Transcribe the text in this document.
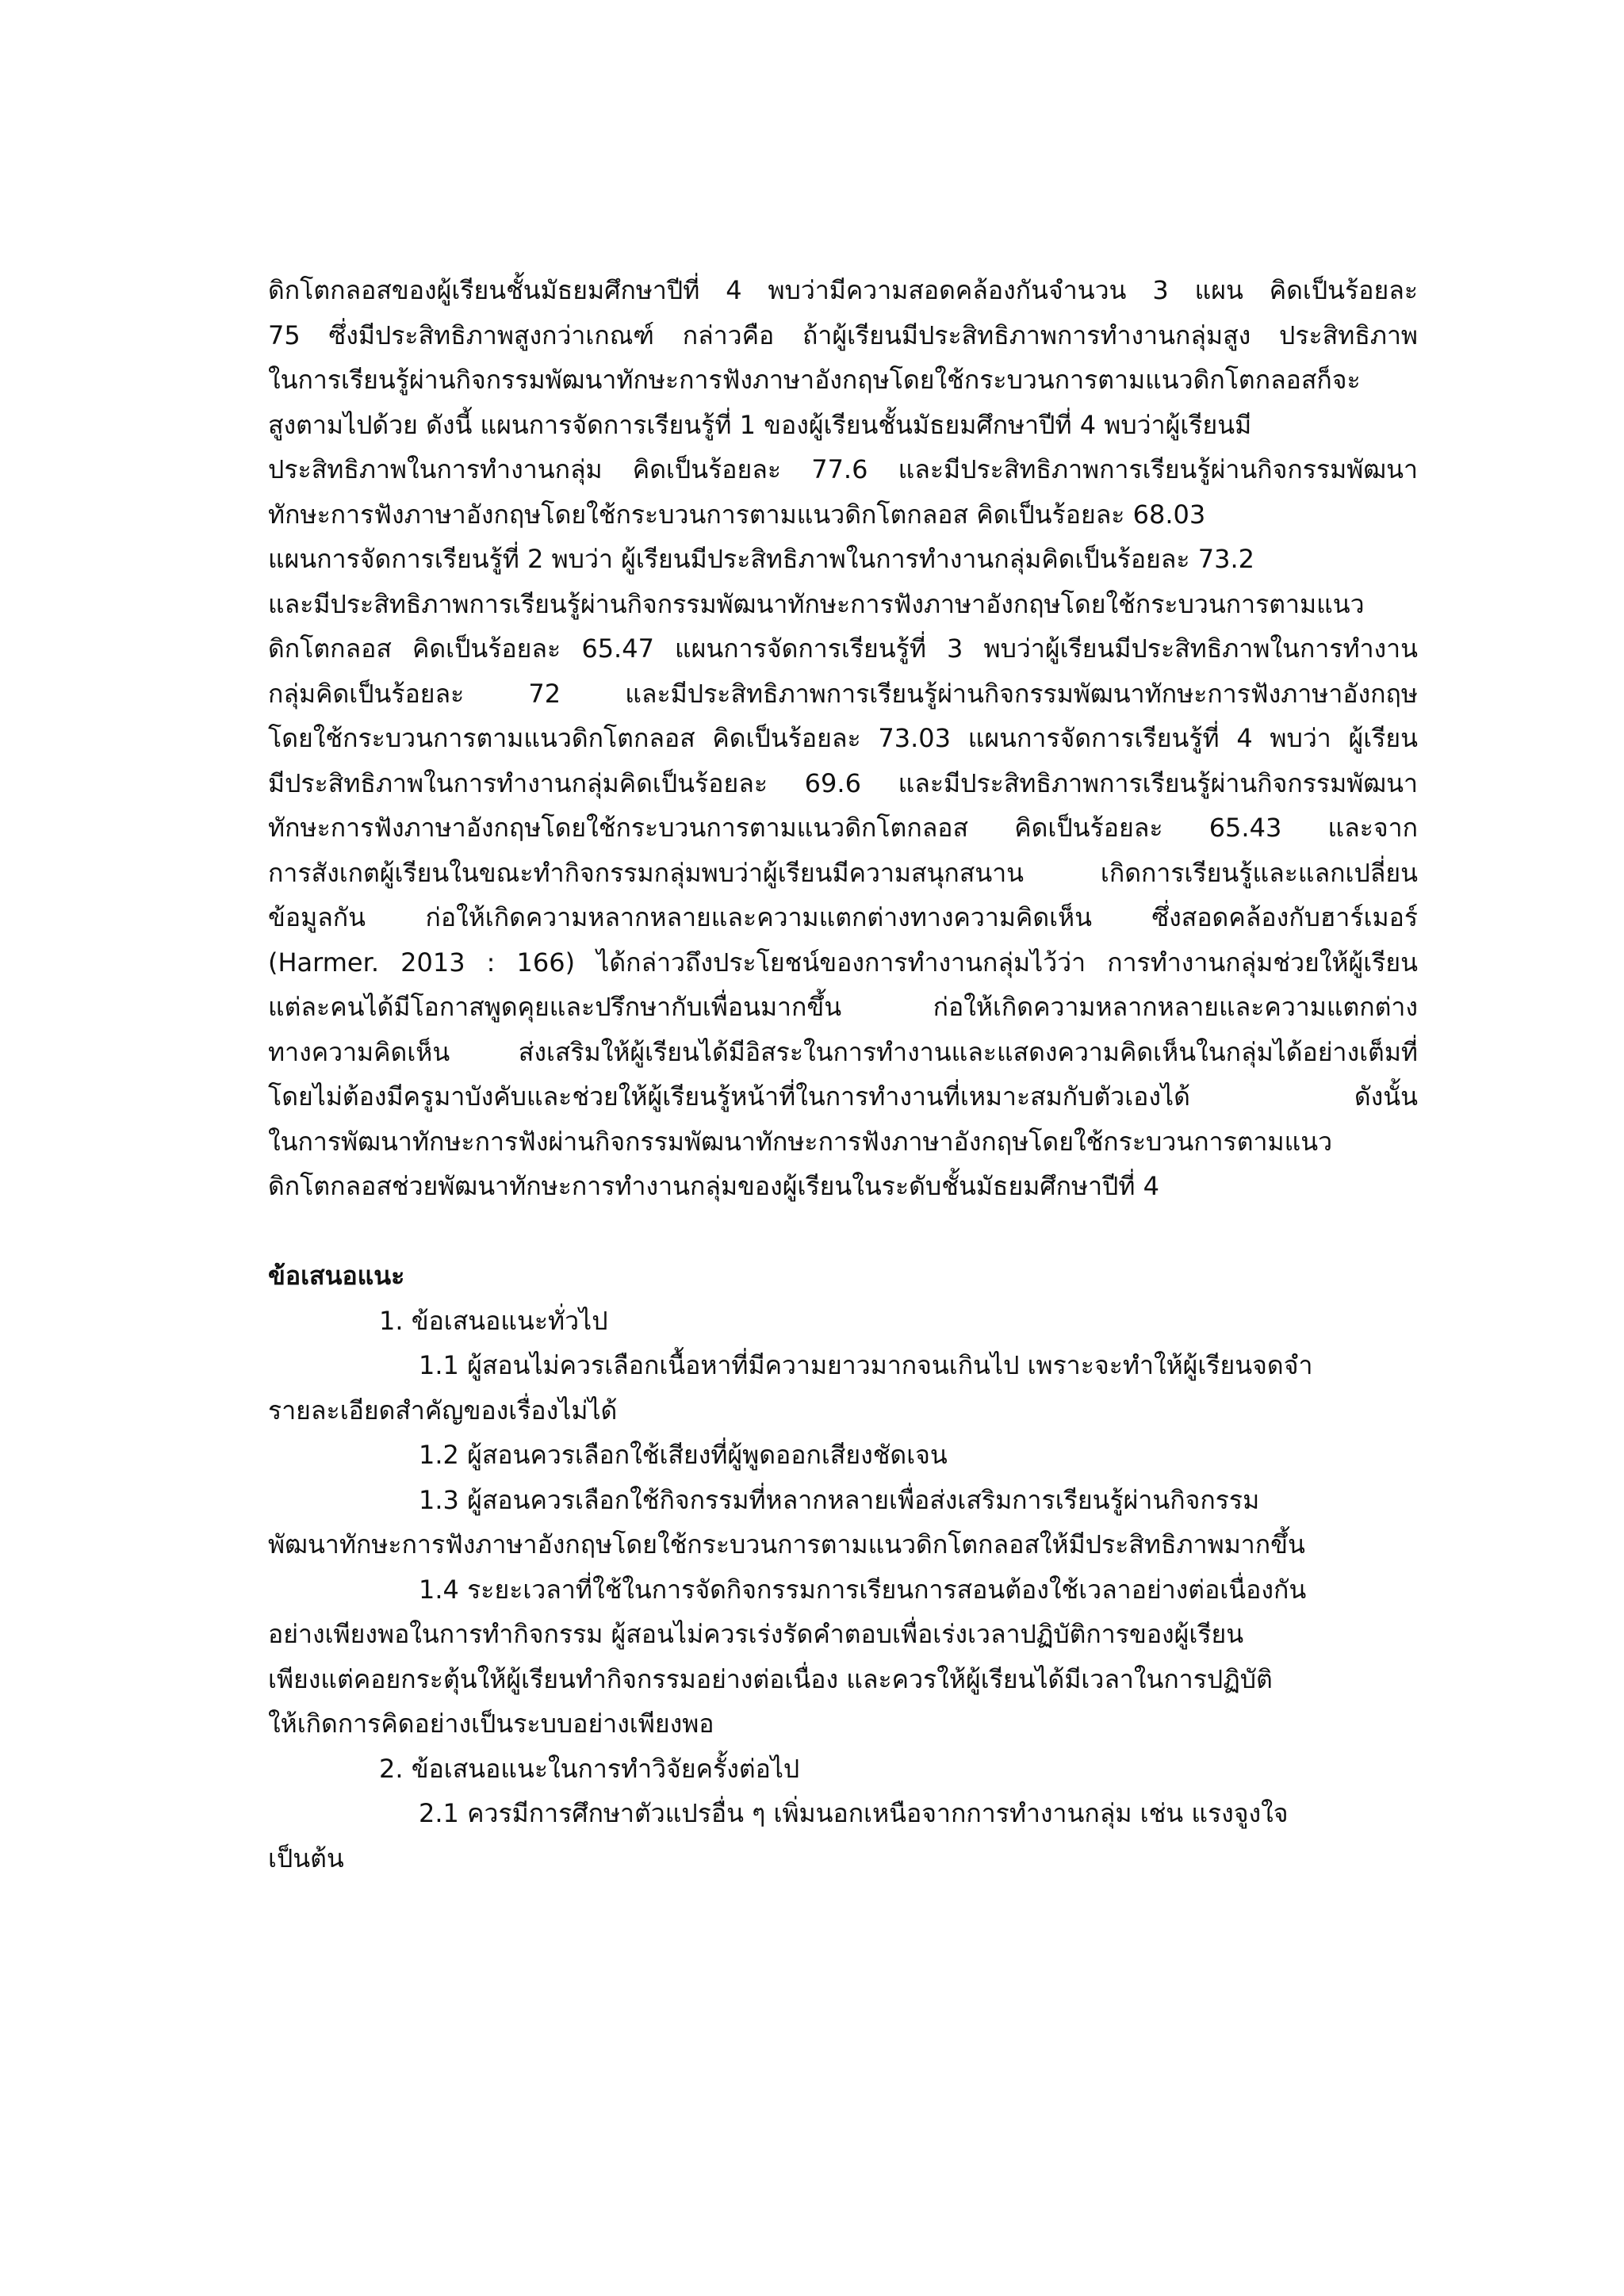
ดิกโตกลอสของผู้เรียนชั้นมัธยมศึกษาปีที่ 4 พบว่ามีความสอดคล้องกันจำนวน 3 แผน คิดเป็นร้อยละ
75 ซึ่งมีประสิทธิภาพสูงกว่าเกณฑ์ กล่าวคือ ถ้าผู้เรียนมีประสิทธิภาพการทำงานกลุ่มสูง ประสิทธิภาพ
ในการเรียนรู้ผ่านกิจกรรมพัฒนาทักษะการฟังภาษาอังกฤษโดยใช้กระบวนการตามแนวดิกโตกลอสก็จะ
สูงตามไปด้วย ดังนี้ แผนการจัดการเรียนรู้ที่ 1 ของผู้เรียนชั้นมัธยมศึกษาปีที่ 4 พบว่าผู้เรียนมี
ประสิทธิภาพในการทำงานกลุ่ม คิดเป็นร้อยละ 77.6 และมีประสิทธิภาพการเรียนรู้ผ่านกิจกรรมพัฒนา
ทักษะการฟังภาษาอังกฤษโดยใช้กระบวนการตามแนวดิกโตกลอส คิดเป็นร้อยละ 68.03
แผนการจัดการเรียนรู้ที่ 2 พบว่า ผู้เรียนมีประสิทธิภาพในการทำงานกลุ่มคิดเป็นร้อยละ 73.2
และมีประสิทธิภาพการเรียนรู้ผ่านกิจกรรมพัฒนาทักษะการฟังภาษาอังกฤษโดยใช้กระบวนการตามแนว
ดิกโตกลอส คิดเป็นร้อยละ 65.47 แผนการจัดการเรียนรู้ที่ 3 พบว่าผู้เรียนมีประสิทธิภาพในการทำงาน
กลุ่มคิดเป็นร้อยละ 72 และมีประสิทธิภาพการเรียนรู้ผ่านกิจกรรมพัฒนาทักษะการฟังภาษาอังกฤษ
โดยใช้กระบวนการตามแนวดิกโตกลอส คิดเป็นร้อยละ 73.03 แผนการจัดการเรียนรู้ที่ 4 พบว่า ผู้เรียน
มีประสิทธิภาพในการทำงานกลุ่มคิดเป็นร้อยละ 69.6 และมีประสิทธิภาพการเรียนรู้ผ่านกิจกรรมพัฒนา
ทักษะการฟังภาษาอังกฤษโดยใช้กระบวนการตามแนวดิกโตกลอส คิดเป็นร้อยละ 65.43 และจาก
การสังเกตผู้เรียนในขณะทำกิจกรรมกลุ่มพบว่าผู้เรียนมีความสนุกสนาน เกิดการเรียนรู้และแลกเปลี่ยน
ข้อมูลกัน ก่อให้เกิดความหลากหลายและความแตกต่างทางความคิดเห็น ซึ่งสอดคล้องกับฮาร์เมอร์
(Harmer. 2013 : 166) ได้กล่าวถึงประโยชน์ของการทำงานกลุ่มไว้ว่า การทำงานกลุ่มช่วยให้ผู้เรียน
แต่ละคนได้มีโอกาสพูดคุยและปรึกษากับเพื่อนมากขึ้น ก่อให้เกิดความหลากหลายและความแตกต่าง
ทางความคิดเห็น ส่งเสริมให้ผู้เรียนได้มีอิสระในการทำงานและแสดงความคิดเห็นในกลุ่มได้อย่างเต็มที่
โดยไม่ต้องมีครูมาบังคับและช่วยให้ผู้เรียนรู้หน้าที่ในการทำงานที่เหมาะสมกับตัวเองได้ ดังนั้น
ในการพัฒนาทักษะการฟังผ่านกิจกรรมพัฒนาทักษะการฟังภาษาอังกฤษโดยใช้กระบวนการตามแนว
ดิกโตกลอสช่วยพัฒนาทักษะการทำงานกลุ่มของผู้เรียนในระดับชั้นมัธยมศึกษาปีที่ 4
ข้อเสนอแนะ
1. ข้อเสนอแนะทั่วไป
1.1 ผู้สอนไม่ควรเลือกเนื้อหาที่มีความยาวมากจนเกินไป เพราะจะทำให้ผู้เรียนจดจำ
รายละเอียดสำคัญของเรื่องไม่ได้
1.2 ผู้สอนควรเลือกใช้เสียงที่ผู้พูดออกเสียงชัดเจน
1.3 ผู้สอนควรเลือกใช้กิจกรรมที่หลากหลายเพื่อส่งเสริมการเรียนรู้ผ่านกิจกรรม
พัฒนาทักษะการฟังภาษาอังกฤษโดยใช้กระบวนการตามแนวดิกโตกลอสให้มีประสิทธิภาพมากขึ้น
1.4 ระยะเวลาที่ใช้ในการจัดกิจกรรมการเรียนการสอนต้องใช้เวลาอย่างต่อเนื่องกัน
อย่างเพียงพอในการทำกิจกรรม ผู้สอนไม่ควรเร่งรัดคำตอบเพื่อเร่งเวลาปฏิบัติการของผู้เรียน
เพียงแต่คอยกระตุ้นให้ผู้เรียนทำกิจกรรมอย่างต่อเนื่อง และควรให้ผู้เรียนได้มีเวลาในการปฏิบัติ
ให้เกิดการคิดอย่างเป็นระบบอย่างเพียงพอ
2. ข้อเสนอแนะในการทำวิจัยครั้งต่อไป
2.1 ควรมีการศึกษาตัวแปรอื่น ๆ เพิ่มนอกเหนือจากการทำงานกลุ่ม เช่น แรงจูงใจ
เป็นต้น
